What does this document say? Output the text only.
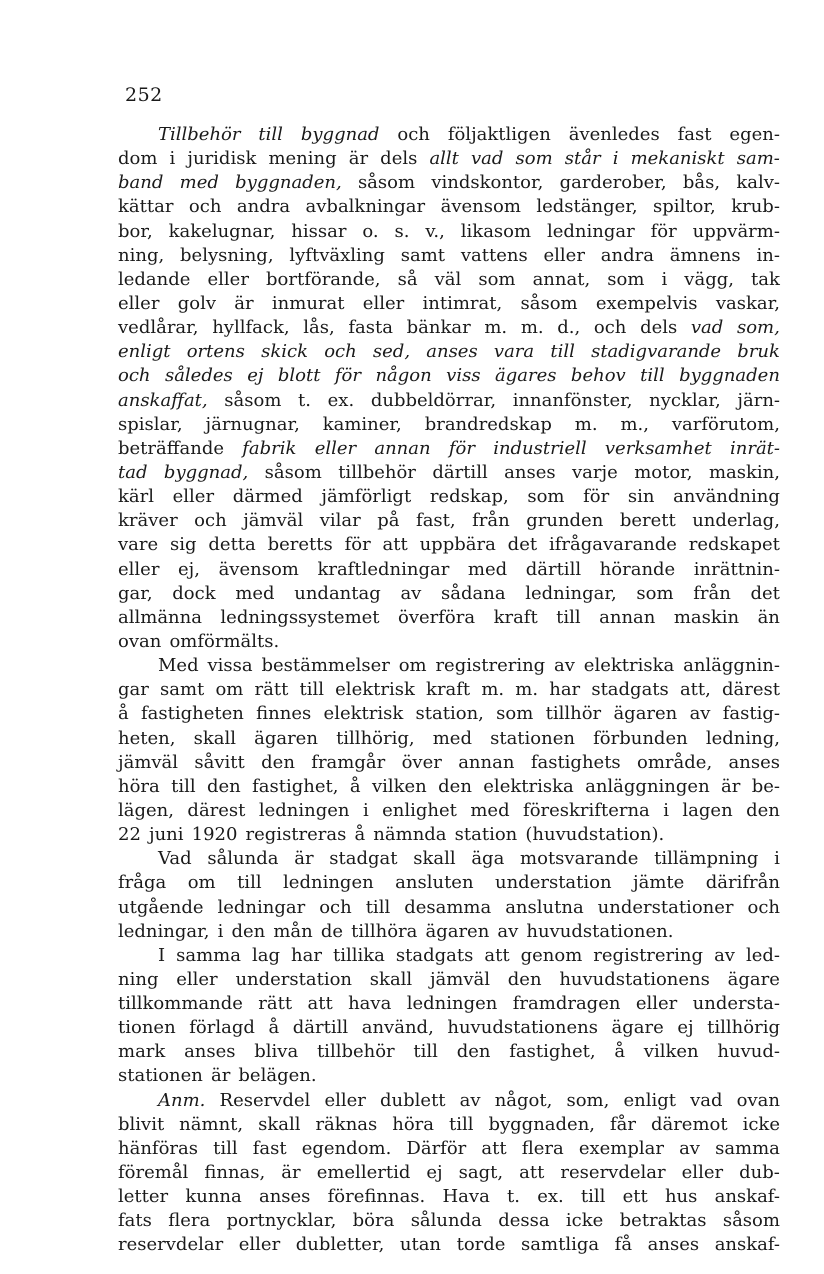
252
Tillbehör till byggnad och följaktligen ävenledes fast egen-
dom i juridisk mening är dels allt vad som står i mekaniskt sam-
band med byggnaden, såsom vindskontor, garderober, bås, kalv-
kättar och andra avbalkningar ävensom ledstänger, spiltor, krub-
bor, kakelugnar, hissar o. s. v., likasom ledningar för uppvärm-
ning, belysning, lyftväxling samt vattens eller andra ämnens in-
ledande eller bortförande, så väl som annat, som i vägg, tak
eller golv är inmurat eller intimrat, såsom exempelvis vaskar,
vedlårar, hyllfack, lås, fasta bänkar m. m. d., och dels vad som,
enligt ortens skick och sed, anses vara till stadigvarande bruk
och således ej blott för någon viss ägares behov till byggnaden
anskaffat, såsom t. ex. dubbeldörrar, innanfönster, nycklar, järn-
spislar, järnugnar, kaminer, brandredskap m. m., varförutom,
beträffande fabrik eller annan för industriell verksamhet inrät-
tad byggnad, såsom tillbehör därtill anses varje motor, maskin,
kärl eller därmed jämförligt redskap, som för sin användning
kräver och jämväl vilar på fast, från grunden berett underlag,
vare sig detta beretts för att uppbära det ifrågavarande redskapet
eller ej, ävensom kraftledningar med därtill hörande inrättnin-
gar, dock med undantag av sådana ledningar, som från det
allmänna ledningssystemet överföra kraft till annan maskin än
ovan omförmälts.
Med vissa bestämmelser om registrering av elektriska anläggnin-
gar samt om rätt till elektrisk kraft m. m. har stadgats att, därest
å fastigheten finnes elektrisk station, som tillhör ägaren av fastig-
heten, skall ägaren tillhörig, med stationen förbunden ledning,
jämväl såvitt den framgår över annan fastighets område, anses
höra till den fastighet, å vilken den elektriska anläggningen är be-
lägen, därest ledningen i enlighet med föreskrifterna i lagen den
22 juni 1920 registreras å nämnda station (huvudstation).
Vad sålunda är stadgat skall äga motsvarande tillämpning i
fråga om till ledningen ansluten understation jämte därifrån
utgående ledningar och till desamma anslutna understationer och
ledningar, i den mån de tillhöra ägaren av huvudstationen.
I samma lag har tillika stadgats att genom registrering av led-
ning eller understation skall jämväl den huvudstationens ägare
tillkommande rätt att hava ledningen framdragen eller understa-
tionen förlagd å därtill använd, huvudstationens ägare ej tillhörig
mark anses bliva tillbehör till den fastighet, å vilken huvud-
stationen är belägen.
Anm. Reservdel eller dublett av något, som, enligt vad ovan
blivit nämnt, skall räknas höra till byggnaden, får däremot icke
hänföras till fast egendom. Därför att flera exemplar av samma
föremål finnas, är emellertid ej sagt, att reservdelar eller dub-
letter kunna anses förefinnas. Hava t. ex. till ett hus anskaf-
fats flera portnycklar, böra sålunda dessa icke betraktas såsom
reservdelar eller dubletter, utan torde samtliga få anses anskaf-
